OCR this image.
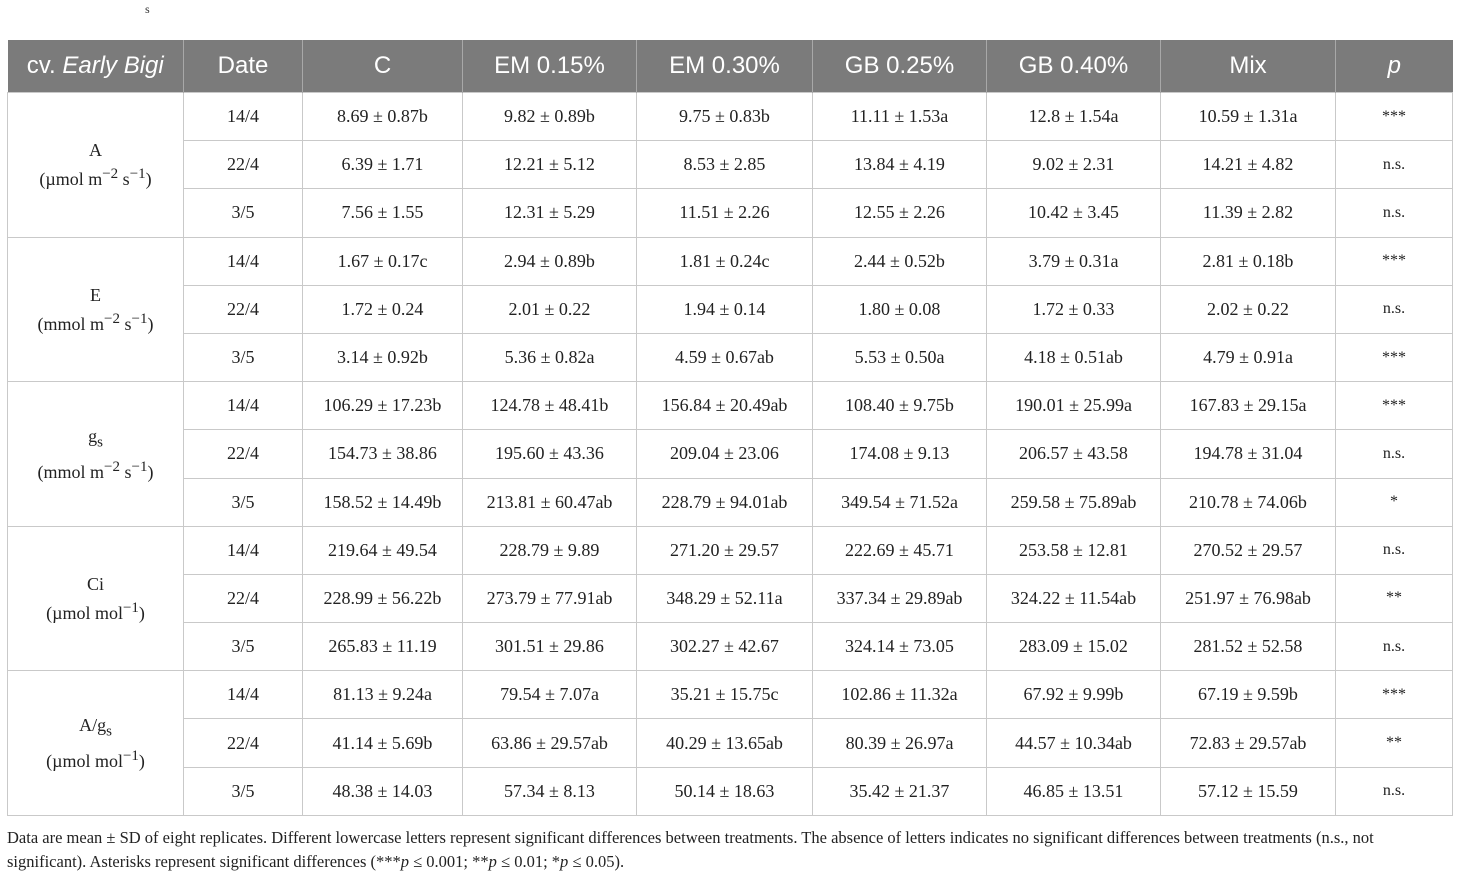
s
cv. Early Bigi	Date	C	EM 0.15%	EM 0.30%	GB 0.25%	GB 0.40%	Mix	p
A
(µmol $m^{-2}$ $s^{-1}$)	14/4	8.69 ± 0.87b	9.82 ± 0.89b	9.75 ± 0.83b	11.11 ± 1.53a	12.8 ± 1.54a	10.59 ± 1.31a	***
	22/4	6.39 ± 1.71	12.21 ± 5.12	8.53 ± 2.85	13.84 ± 4.19	9.02 ± 2.31	14.21 ± 4.82	n.s.
	3/5	7.56 ± 1.55	12.31 ± 5.29	11.51 ± 2.26	12.55 ± 2.26	10.42 ± 3.45	11.39 ± 2.82	n.s.
E
(mmol $m^{-2}$ $s^{-1}$)	14/4	1.67 ± 0.17c	2.94 ± 0.89b	1.81 ± 0.24c	2.44 ± 0.52b	3.79 ± 0.31a	2.81 ± 0.18b	***
	22/4	1.72 ± 0.24	2.01 ± 0.22	1.94 ± 0.14	1.80 ± 0.08	1.72 ± 0.33	2.02 ± 0.22	n.s.
	3/5	3.14 ± 0.92b	5.36 ± 0.82a	4.59 ± 0.67ab	5.53 ± 0.50a	4.18 ± 0.51ab	4.79 ± 0.91a	***
$g_s$
(mmol $m^{-2}$ $s^{-1}$)	14/4	106.29 ± 17.23b	124.78 ± 48.41b	156.84 ± 20.49ab	108.40 ± 9.75b	190.01 ± 25.99a	167.83 ± 29.15a	***
	22/4	154.73 ± 38.86	195.60 ± 43.36	209.04 ± 23.06	174.08 ± 9.13	206.57 ± 43.58	194.78 ± 31.04	n.s.
	3/5	158.52 ± 14.49b	213.81 ± 60.47ab	228.79 ± 94.01ab	349.54 ± 71.52a	259.58 ± 75.89ab	210.78 ± 74.06b	*
Ci
(µmol mol$^{-1}$)	14/4	219.64 ± 49.54	228.79 ± 9.89	271.20 ± 29.57	222.69 ± 45.71	253.58 ± 12.81	270.52 ± 29.57	n.s.
	22/4	228.99 ± 56.22b	273.79 ± 77.91ab	348.29 ± 52.11a	337.34 ± 29.89ab	324.22 ± 11.54ab	251.97 ± 76.98ab	**
	3/5	265.83 ± 11.19	301.51 ± 29.86	302.27 ± 42.67	324.14 ± 73.05	283.09 ± 15.02	281.52 ± 52.58	n.s.
$A/g_s$
(µmol mol$^{-1}$)	14/4	81.13 ± 9.24a	79.54 ± 7.07a	35.21 ± 15.75c	102.86 ± 11.32a	67.92 ± 9.99b	67.19 ± 9.59b	***
	22/4	41.14 ± 5.69b	63.86 ± 29.57ab	40.29 ± 13.65ab	80.39 ± 26.97a	44.57 ± 10.34ab	72.83 ± 29.57ab	**
	3/5	48.38 ± 14.03	57.34 ± 8.13	50.14 ± 18.63	35.42 ± 21.37	46.85 ± 13.51	57.12 ± 15.59	n.s.
Data are mean ± SD of eight replicates. Different lowercase letters represent significant differences between treatments. The absence of letters indicates no significant differences between treatments (n.s., not significant). Asterisks represent significant differences (***p ≤ 0.001; **p ≤ 0.01; *p ≤ 0.05).
